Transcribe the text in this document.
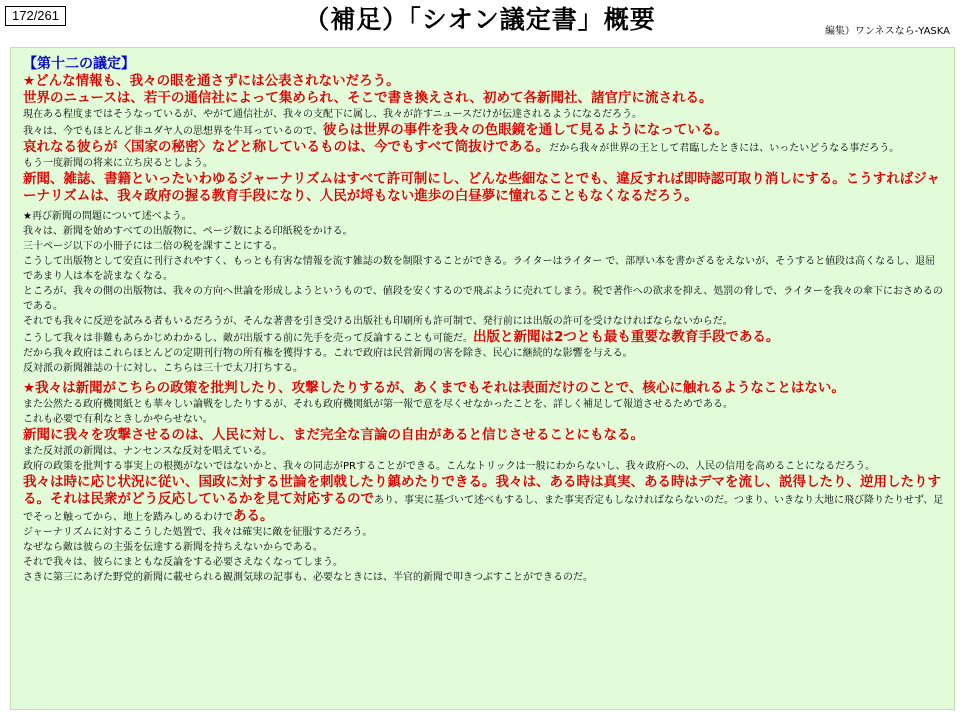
172/261	（補足）「シオン議定書」概要	編集）ワンネスなら-YASKA
【第十二の議定】

★どんな情報も、我々の眼を通さずには公表されないだろう。

世界のニュースは、若干の通信社によって集められ、そこで書き換えされ、初めて各新聞社、諸官庁に流される。

現在ある程度まではそうなっているが、やがて通信社が、我々の支配下に属し、我々が許すニュースだけが伝達されるようになるだろう。

我々は、今でもほとんど非ユダヤ人の思想界を牛耳っているので、彼らは世界の事件を我々の色眼鏡を通して見るようになっている。

哀れなる彼らが〈国家の秘密〉などと称しているものは、今でもすべて筒抜けである。だから我々が世界の王として君臨したときには、いったいどうなる事だろう。

もう一度新聞の将来に立ち戻るとしよう。

新聞、雑誌、書籍といったいわゆるジャーナリズムはすべて許可制にし、どんな些細なことでも、違反すれば即時認可取り消しにする。こうすればジャーナリズムは、我々政府の握る教育手段になり、人民が埒もない進歩の白昼夢に憧れることもなくなるだろう。

★再び新聞の問題について述べよう。

我々は、新聞を始めすべての出版物に、ページ数による印紙税をかける。

三十ページ以下の小冊子には二倍の税を課すことにする。

こうして出版物として安直に刊行されやすく、もっとも有害な情報を流す雑誌の数を制限することができる。ライターはライター で、部厚い本を書かざるをえないが、そうすると値段は高くなるし、退屈であまり人は本を読まなくなる。

ところが、我々の側の出版物は、我々の方向へ世論を形成しようというもので、値段を安くするので飛ぶように売れてしまう。税で著作への欲求を抑え、処罰の脅しで、ライターを我々の傘下におさめるのである。

それでも我々に反逆を試みる者もいるだろうが、そんな著書を引き受ける出版社も印刷所も許可制で、発行前には出版の許可を受けなければならないからだ。

こうして我々は非難もあらかじめわかるし、敵が出版する前に先手を売って反論することも可能だ。出版と新聞は2つとも最も重要な教育手段である。

だから我々政府はこれらほとんどの定期刊行物の所有権を獲得する。これで政府は民営新聞の害を除き、民心に継続的な影響を与える。

反対派の新聞雑誌の十に対し、こちらは三十で太刀打ちする。

★我々は新聞がこちらの政策を批判したり、攻撃したりするが、あくまでもそれは表面だけのことで、核心に触れるようなことはない。

また公然たる政府機関紙とも華々しい論戦をしたりするが、それも政府機関紙が第一報で意を尽くせなかったことを、詳しく補足して報道させるためである。

これも必要で有利なときしかやらせない。

新聞に我々を攻撃させるのは、人民に対し、まだ完全な言論の自由があると信じさせることにもなる。

また反対派の新聞は、ナンセンスな反対を唱えている。

政府の政策を批判する事実上の根拠がないではないかと、我々の同志がPRすることができる。こんなトリックは一般にわからないし、我々政府への、人民の信用を高めることになるだろう。

我々は時に応じ状況に従い、国政に対する世論を刺戟したり鎮めたりできる。我々は、ある時は真実、ある時はデマを流し、説得したり、逆用したりする。それは民衆がどう反応しているかを見て対応するのであり、事実に基づいて述べもするし、また事実否定もしなければならないのだ。つまり、いきなり大地に飛び降りたりせず、足でそっと触ってから、地上を踏みしめるわけである。

ジャーナリズムに対するこうした処置で、我々は確実に敵を征服するだろう。

なぜなら敵は彼らの主張を伝達する新聞を持ちえないからである。

それで我々は、彼らにまともな反論をする必要さえなくなってしまう。

さきに第三にあげた野党的新聞に載せられる観測気球の記事も、必要なときには、半官的新聞で叩きつぶすことができるのだ。
